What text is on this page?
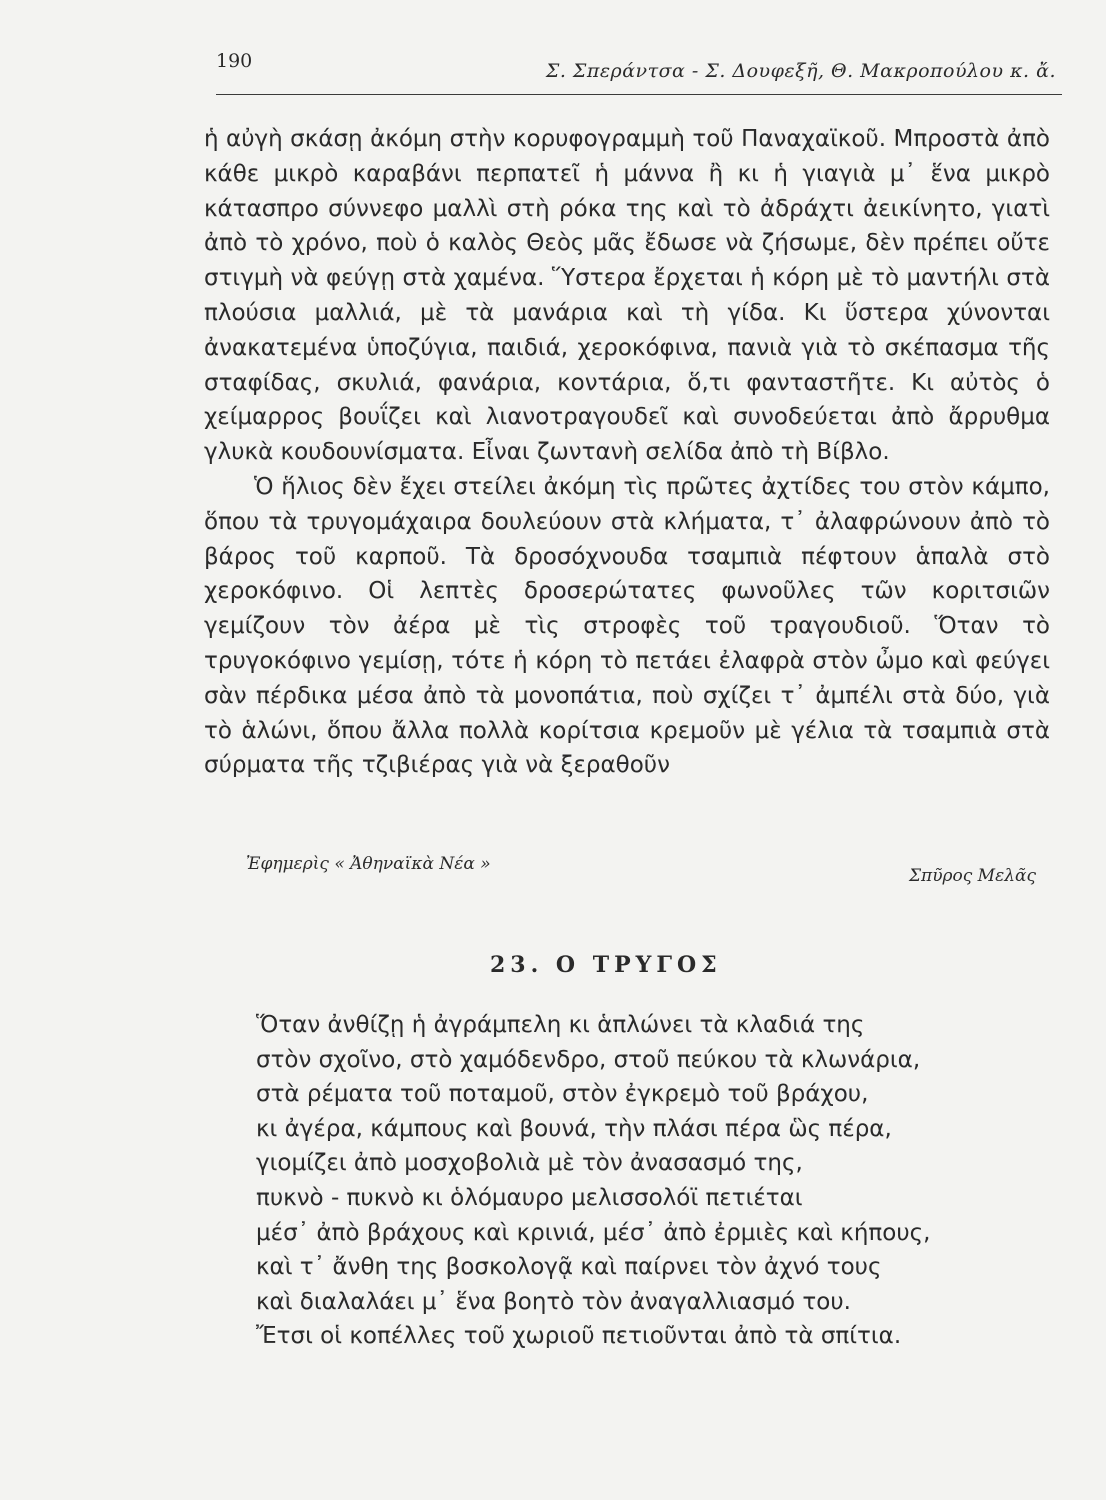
190	Σ. Σπεράντσα - Σ. Δουφεξῆ, Θ. Μακροπούλου κ. ἄ.

ἡ αὐγὴ σκάσῃ ἀκόμη στὴν κορυφογραμμὴ τοῦ Παναχαϊκοῦ. Μπροστὰ ἀπὸ κάθε μικρὸ καραβάνι περπατεῖ ἡ μάννα ἢ κι ἡ γιαγιὰ μ᾿ ἕνα μικρὸ κάτασπρο σύννεφο μαλλὶ στὴ ρόκα της καὶ τὸ ἀδράχτι ἀεικίνητο, γιατὶ ἀπὸ τὸ χρόνο, ποὺ ὁ καλὸς Θεὸς μᾶς ἔδωσε νὰ ζήσωμε, δὲν πρέπει οὔτε στιγμὴ νὰ φεύγῃ στὰ χαμένα. Ὕστερα ἔρχεται ἡ κόρη μὲ τὸ μαντήλι στὰ πλούσια μαλλιά, μὲ τὰ μανάρια καὶ τὴ γίδα. Κι ὕστερα χύνονται ἀνακατεμένα ὑποζύγια, παιδιά, χεροκόφινα, πανιὰ γιὰ τὸ σκέπασμα τῆς σταφίδας, σκυλιά, φανάρια, κοντάρια, ὅ,τι φανταστῆτε. Κι αὐτὸς ὁ χείμαρρος βουΐζει καὶ λιανοτραγουδεῖ καὶ συνοδεύεται ἀπὸ ἄρρυθμα γλυκὰ κουδουνίσματα. Εἶναι ζωντανὴ σελίδα ἀπὸ τὴ Βίβλο.

Ὁ ἥλιος δὲν ἔχει στείλει ἀκόμη τὶς πρῶτες ἀχτίδες του στὸν κάμπο, ὅπου τὰ τρυγομάχαιρα δουλεύουν στὰ κλήματα, τ᾿ ἀλαφρώνουν ἀπὸ τὸ βάρος τοῦ καρποῦ. Τὰ δροσόχνουδα τσαμπιὰ πέφτουν ἁπαλὰ στὸ χεροκόφινο. Οἱ λεπτὲς δροσερώτατες φωνοῦλες τῶν κοριτσιῶν γεμίζουν τὸν ἀέρα μὲ τὶς στροφὲς τοῦ τραγουδιοῦ. Ὅταν τὸ τρυγοκόφινο γεμίσῃ, τότε ἡ κόρη τὸ πετάει ἐλαφρὰ στὸν ὦμο καὶ φεύγει σὰν πέρδικα μέσα ἀπὸ τὰ μονοπάτια, ποὺ σχίζει τ᾿ ἀμπέλι στὰ δύο, γιὰ τὸ ἁλώνι, ὅπου ἄλλα πολλὰ κορίτσια κρεμοῦν μὲ γέλια τὰ τσαμπιὰ στὰ σύρματα τῆς τζιβιέρας γιὰ νὰ ξεραθοῦν

Ἐφημερὶς « Ἀθηναϊκὰ Νέα »
Σπῦρος Μελᾶς
23. Ο ΤΡΥΓΟΣ
Ὅταν ἀνθίζῃ ἡ ἀγράμπελη κι ἁπλώνει τὰ κλαδιά της
στὸν σχοῖνο, στὸ χαμόδενδρο, στοῦ πεύκου τὰ κλωνάρια,
στὰ ρέματα τοῦ ποταμοῦ, στὸν ἐγκρεμὸ τοῦ βράχου,
κι ἀγέρα, κάμπους καὶ βουνά, τὴν πλάσι πέρα ὣς πέρα,
γιομίζει ἀπὸ μοσχοβολιὰ μὲ τὸν ἀνασασμό της,
πυκνὸ - πυκνὸ κι ὁλόμαυρο μελισσολόϊ πετιέται
μέσ᾿ ἀπὸ βράχους καὶ κρινιά, μέσ᾿ ἀπὸ ἐρμιὲς καὶ κήπους,
καὶ τ᾿ ἄνθη της βοσκολογᾷ καὶ παίρνει τὸν ἀχνό τους
καὶ διαλαλάει μ᾿ ἕνα βοητὸ τὸν ἀναγαλλιασμό του.
Ἔτσι οἱ κοπέλλες τοῦ χωριοῦ πετιοῦνται ἀπὸ τὰ σπίτια.
